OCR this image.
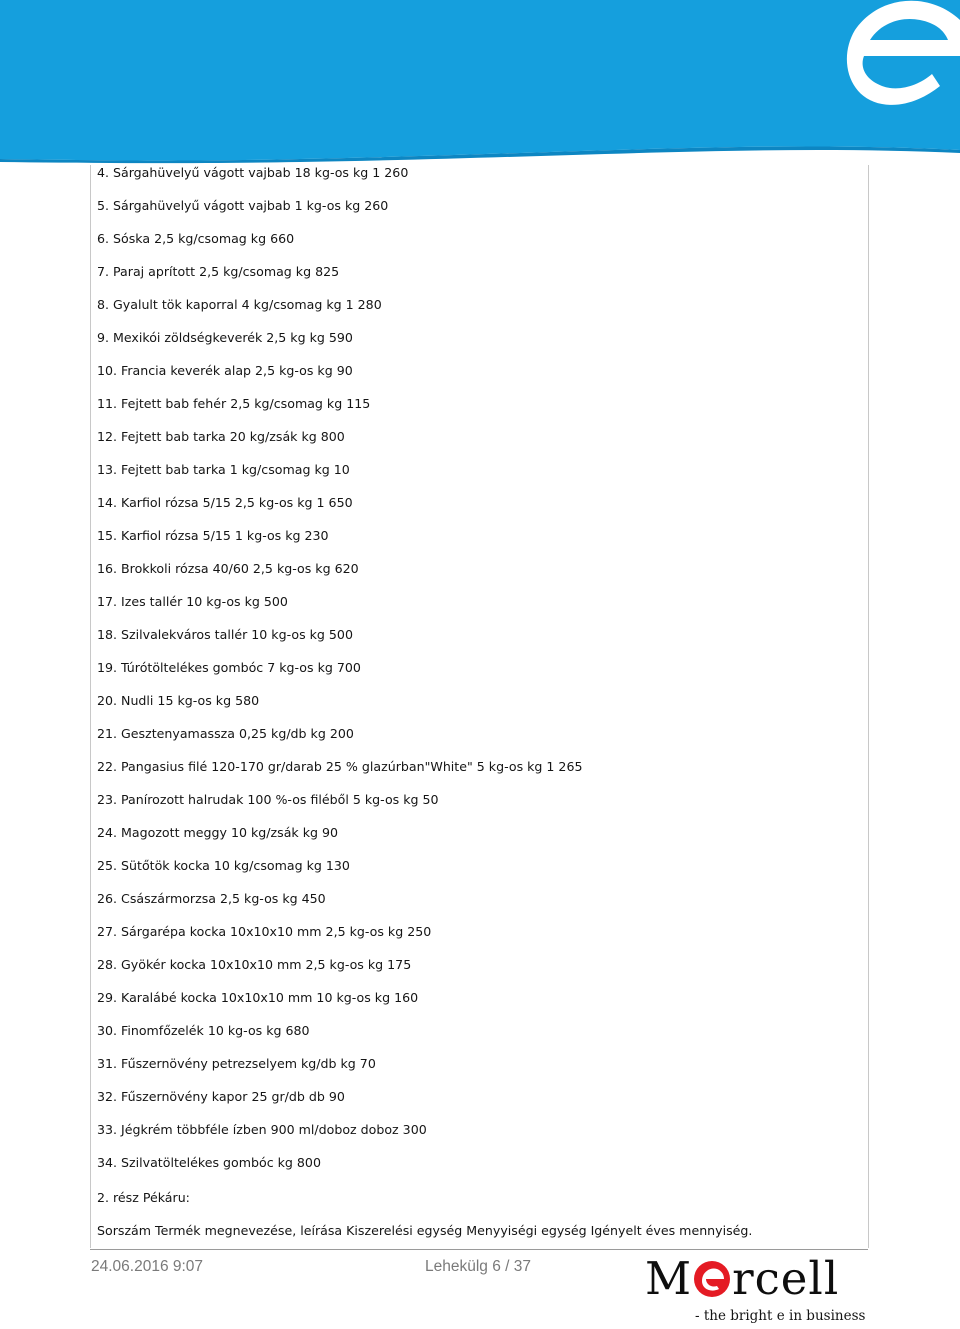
4. Sárgahüvelyű vágott vajbab 18 kg-os kg 1 260
5. Sárgahüvelyű vágott vajbab 1 kg-os kg 260
6. Sóska 2,5 kg/csomag kg 660
7. Paraj aprított 2,5 kg/csomag kg 825
8. Gyalult tök kaporral 4 kg/csomag kg 1 280
9. Mexikói zöldségkeverék 2,5 kg kg 590
10. Francia keverék alap 2,5 kg-os kg 90
11. Fejtett bab fehér 2,5 kg/csomag kg 115
12. Fejtett bab tarka 20 kg/zsák kg 800
13. Fejtett bab tarka 1 kg/csomag kg 10
14. Karfiol rózsa 5/15 2,5 kg-os kg 1 650
15. Karfiol rózsa 5/15 1 kg-os kg 230
16. Brokkoli rózsa 40/60 2,5 kg-os kg 620
17. Izes tallér 10 kg-os kg 500
18. Szilvalekváros tallér 10 kg-os kg 500
19. Túrótöltelékes gombóc 7 kg-os kg 700
20. Nudli 15 kg-os kg 580
21. Gesztenyamassza 0,25 kg/db kg 200
22. Pangasius filé 120-170 gr/darab 25 % glazúrban"White" 5 kg-os kg 1 265
23. Panírozott halrudak 100 %-os filéből 5 kg-os kg 50
24. Magozott meggy 10 kg/zsák kg 90
25. Sütőtök kocka 10 kg/csomag kg 130
26. Császármorzsa 2,5 kg-os kg 450
27. Sárgarépa kocka 10x10x10 mm 2,5 kg-os kg 250
28. Gyökér kocka 10x10x10 mm 2,5 kg-os kg 175
29. Karalábé kocka 10x10x10 mm 10 kg-os kg 160
30. Finomfőzelék 10 kg-os kg 680
31. Fűszernövény petrezselyem kg/db kg 70
32. Fűszernövény kapor 25 gr/db db 90
33. Jégkrém többféle ízben 900 ml/doboz doboz 300
34. Szilvatöltelékes gombóc kg 800
2. rész Pékáru:
Sorszám Termék megnevezése, leírása Kiszerelési egység Menyyiségi egység Igényelt éves mennyiség.
24.06.2016 9:07	Lehekülg 6 / 37	M rcell
- the bright e in business
